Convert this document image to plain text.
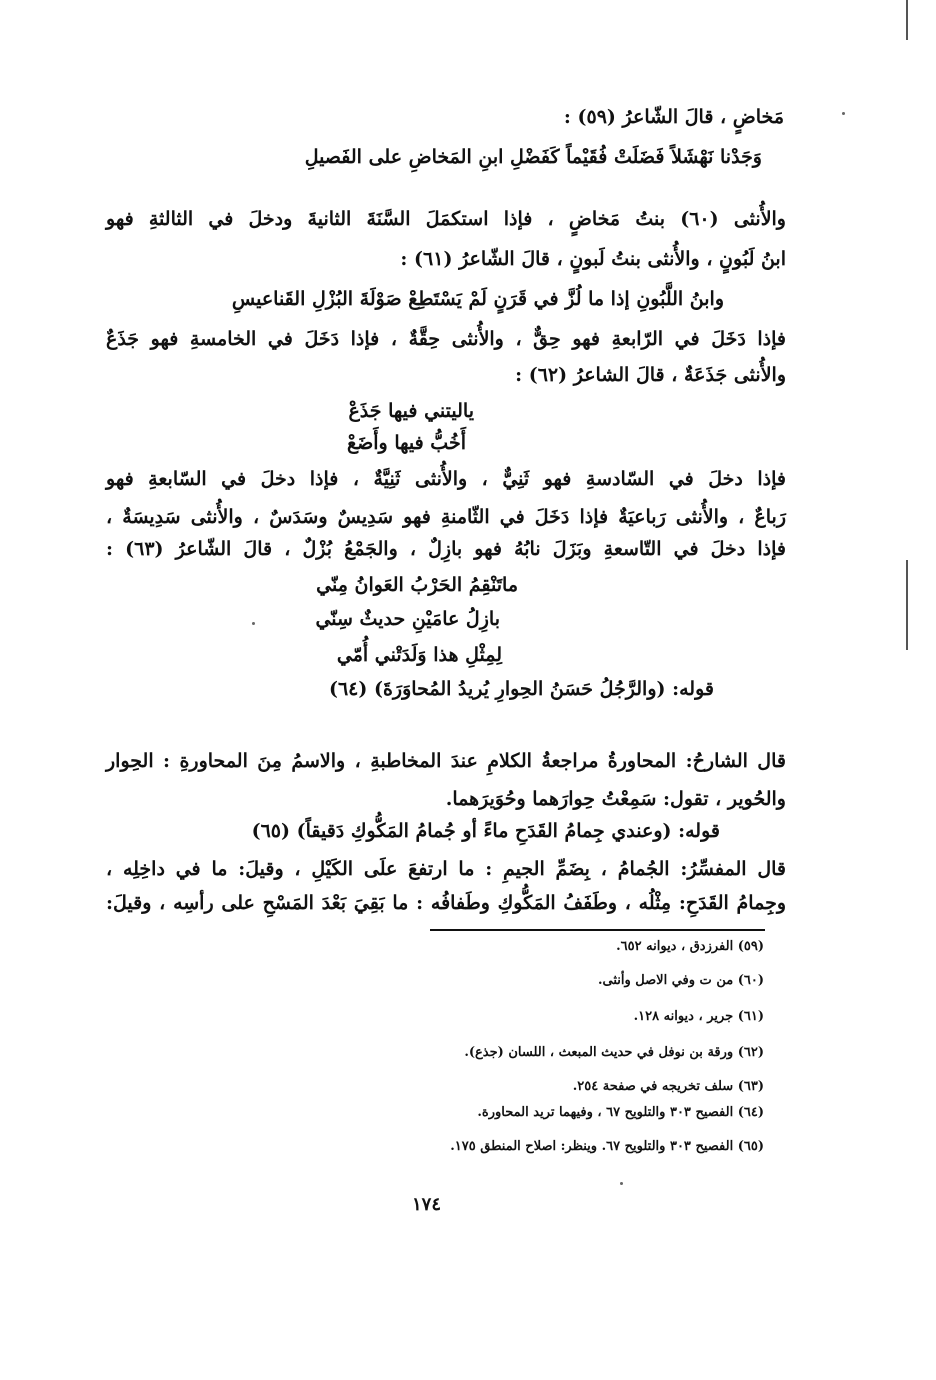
مَخاضٍ ، قالَ الشّاعرُ (٥٩) :
وَجَدْنا نَهْشَلاً فَضَلَتْ فُقَيْماً كَفَضْلِ ابنِ المَخاضِ على الفَصيلِ
والأُنثى (٦٠) بنتُ مَخاضٍ ، فإذا استكمَلَ السَّنَةَ الثانيةَ ودخلَ في الثالثةِ فهو
ابنُ لَبُونٍ ، والأُنثى بنتُ لَبونٍ ، قالَ الشّاعرُ (٦١) :
وابنُ اللَّبُونِ إذا ما لُزَّ في قَرَنٍ لَمْ يَسْتَطِعْ صَوْلَةَ البُزْلِ القَناعيسِ
فإذا دَخَلَ في الرّابعةِ فهو حِقٌّ ، والأُنثى حِقَّةٌ ، فإذا دَخَلَ في الخامسةِ فهو جَذَعٌ
والأُنثى جَذَعَةٌ ، قالَ الشاعرُ (٦٢) :
ياليتني فيها جَذَعْ
أَخُبُّ فيها وأَضَعْ
فإذا دخلَ في السّادسةِ فهو ثَنِيٌّ ، والأُنثى ثَنِيَّةٌ ، فإذا دخلَ في السّابعةِ فهو
رَباعٌ ، والأُنثى رَباعيَةٌ فإذا دَخَلَ في الثّامنةِ فهو سَدِيسٌ وسَدَسٌ ، والأُنثى سَدِيسَةٌ ،
فإذا دخلَ في التّاسعةِ وبَزَلَ نابُهُ فهو بازِلٌ ، والجَمْعُ بُزْلٌ ، قالَ الشّاعرُ (٦٣) :
ماتَنْقِمُ الحَرْبُ العَوانُ مِنّي
بازِلُ عامَيْنِ حديثٌ سِنّي
لِمِثْلِ هذا وَلَدَتْني أُمّي
قوله: (والرَّجُلُ حَسَنُ الحِوارِ يُريدُ المُحاوَرَةَ) (٦٤)
قال الشارحُ: المحاورةُ مراجعةُ الكلامِ عندَ المخاطبةِ ، والاسمُ مِنَ المحاورةِ : الحِوار
والحُوير ، تقول: سَمِعْتُ حِوارَهما وحُوَيرَهما.
قوله: (وعندي جِمامُ القَدَحِ ماءً أو جُمامُ المَكُّوكِ دَقيقاً) (٦٥)
قال المفسِّرُ: الجُمامُ ، بِضَمِّ الجيمِ : ما ارتفعَ علَى الكَيْلِ ، وقيلَ: ما في داخِلِه ،
وجِمامُ القَدَحِ: مِثْلُه ، وطَفَفُ المَكُّوكِ وطَفافُه : ما بَقِيَ بَعْدَ المَسْحِ على رأسِه ، وقيلَ:
(٥٩) الفرزدق ، ديوانه ٦٥٢.
(٦٠) من ت وفي الاصل وأنثى.
(٦١) جرير ، ديوانه ١٢٨.
(٦٢) ورقة بن نوفل في حديث المبعث ، اللسان (جذع).
(٦٣) سلف تخريجه في صفحة ٢٥٤.
(٦٤) الفصيح ٣٠٣ والتلويح ٦٧ ، وفيهما تريد المحاورة.
(٦٥) الفصيح ٣٠٣ والتلويح ٦٧. وينظر: اصلاح المنطق ١٧٥.
١٧٤
